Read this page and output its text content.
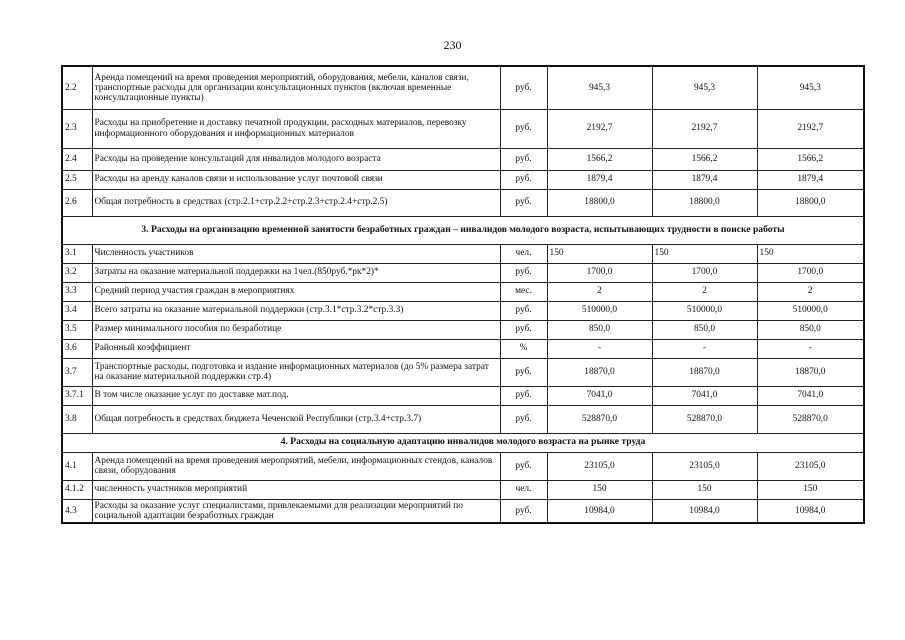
230
2.2	Аренда помещений на время проведения мероприятий, оборудования, мебели, каналов связи, транспортные расходы для организации консультационных пунктов (включая временные консультационные пункты)	руб.	945,3	945,3	945,3
2.3	Расходы на приобретение и доставку печатной продукции, расходных материалов, перевозку информационного оборудования и информационных материалов	руб.	2192,7	2192,7	2192,7
2.4	Расходы на проведение консультаций для инвалидов молодого возраста	руб.	1566,2	1566,2	1566,2
2.5	Расходы на аренду каналов связи и использование услуг почтовой связи	руб.	1879,4	1879,4	1879,4
2.6	Общая потребность в средствах (стр.2.1+стр.2.2+стр.2.3+стр.2.4+стр.2.5)	руб.	18800,0	18800,0	18800,0
3. Расходы на организацию временной занятости безработных граждан – инвалидов молодого возраста, испытывающих трудности в поиске работы					
3.1	Численность участников	чел.	150	150	150
3.2	Затраты на оказание материальной поддержки на 1чел.(850руб.*рк*2)*	руб.	1700,0	1700,0	1700,0
3.3	Средний период участия граждан в мероприятиях	мес.	2	2	2
3.4	Всего затраты на оказание материальной поддержки (стр.3.1*стр.3.2*стр.3.3)	руб.	510000,0	510000,0	510000,0
3.5	Размер минимального пособия по безработице	руб.	850,0	850,0	850,0
3.6	Районный коэффициент	%	-	-	-
3.7	Транспортные расходы, подготовка и издание информационных материалов (до 5% размера затрат на оказание материальной поддержки стр.4)	руб.	18870,0	18870,0	18870,0
3.7.1	В том числе оказание услуг по доставке мат.под.	руб.	7041,0	7041,0	7041,0
3.8	Общая потребность в средствах бюджета Чеченской Республики (стр.3.4+стр.3.7)	руб.	528870,0	528870,0	528870,0
4. Расходы на социальную адаптацию инвалидов молодого возраста на рынке труда					
4.1	Аренда помещений на время проведения мероприятий, мебели, информационных стендов, каналов связи, оборудования	руб.	23105,0	23105,0	23105,0
4.1.2	численность участников мероприятий	чел.	150	150	150
4.3	Расходы за оказание услуг специалистами, привлекаемыми для реализации мероприятий по социальной адаптации безработных граждан	руб.	10984,0	10984,0	10984,0
